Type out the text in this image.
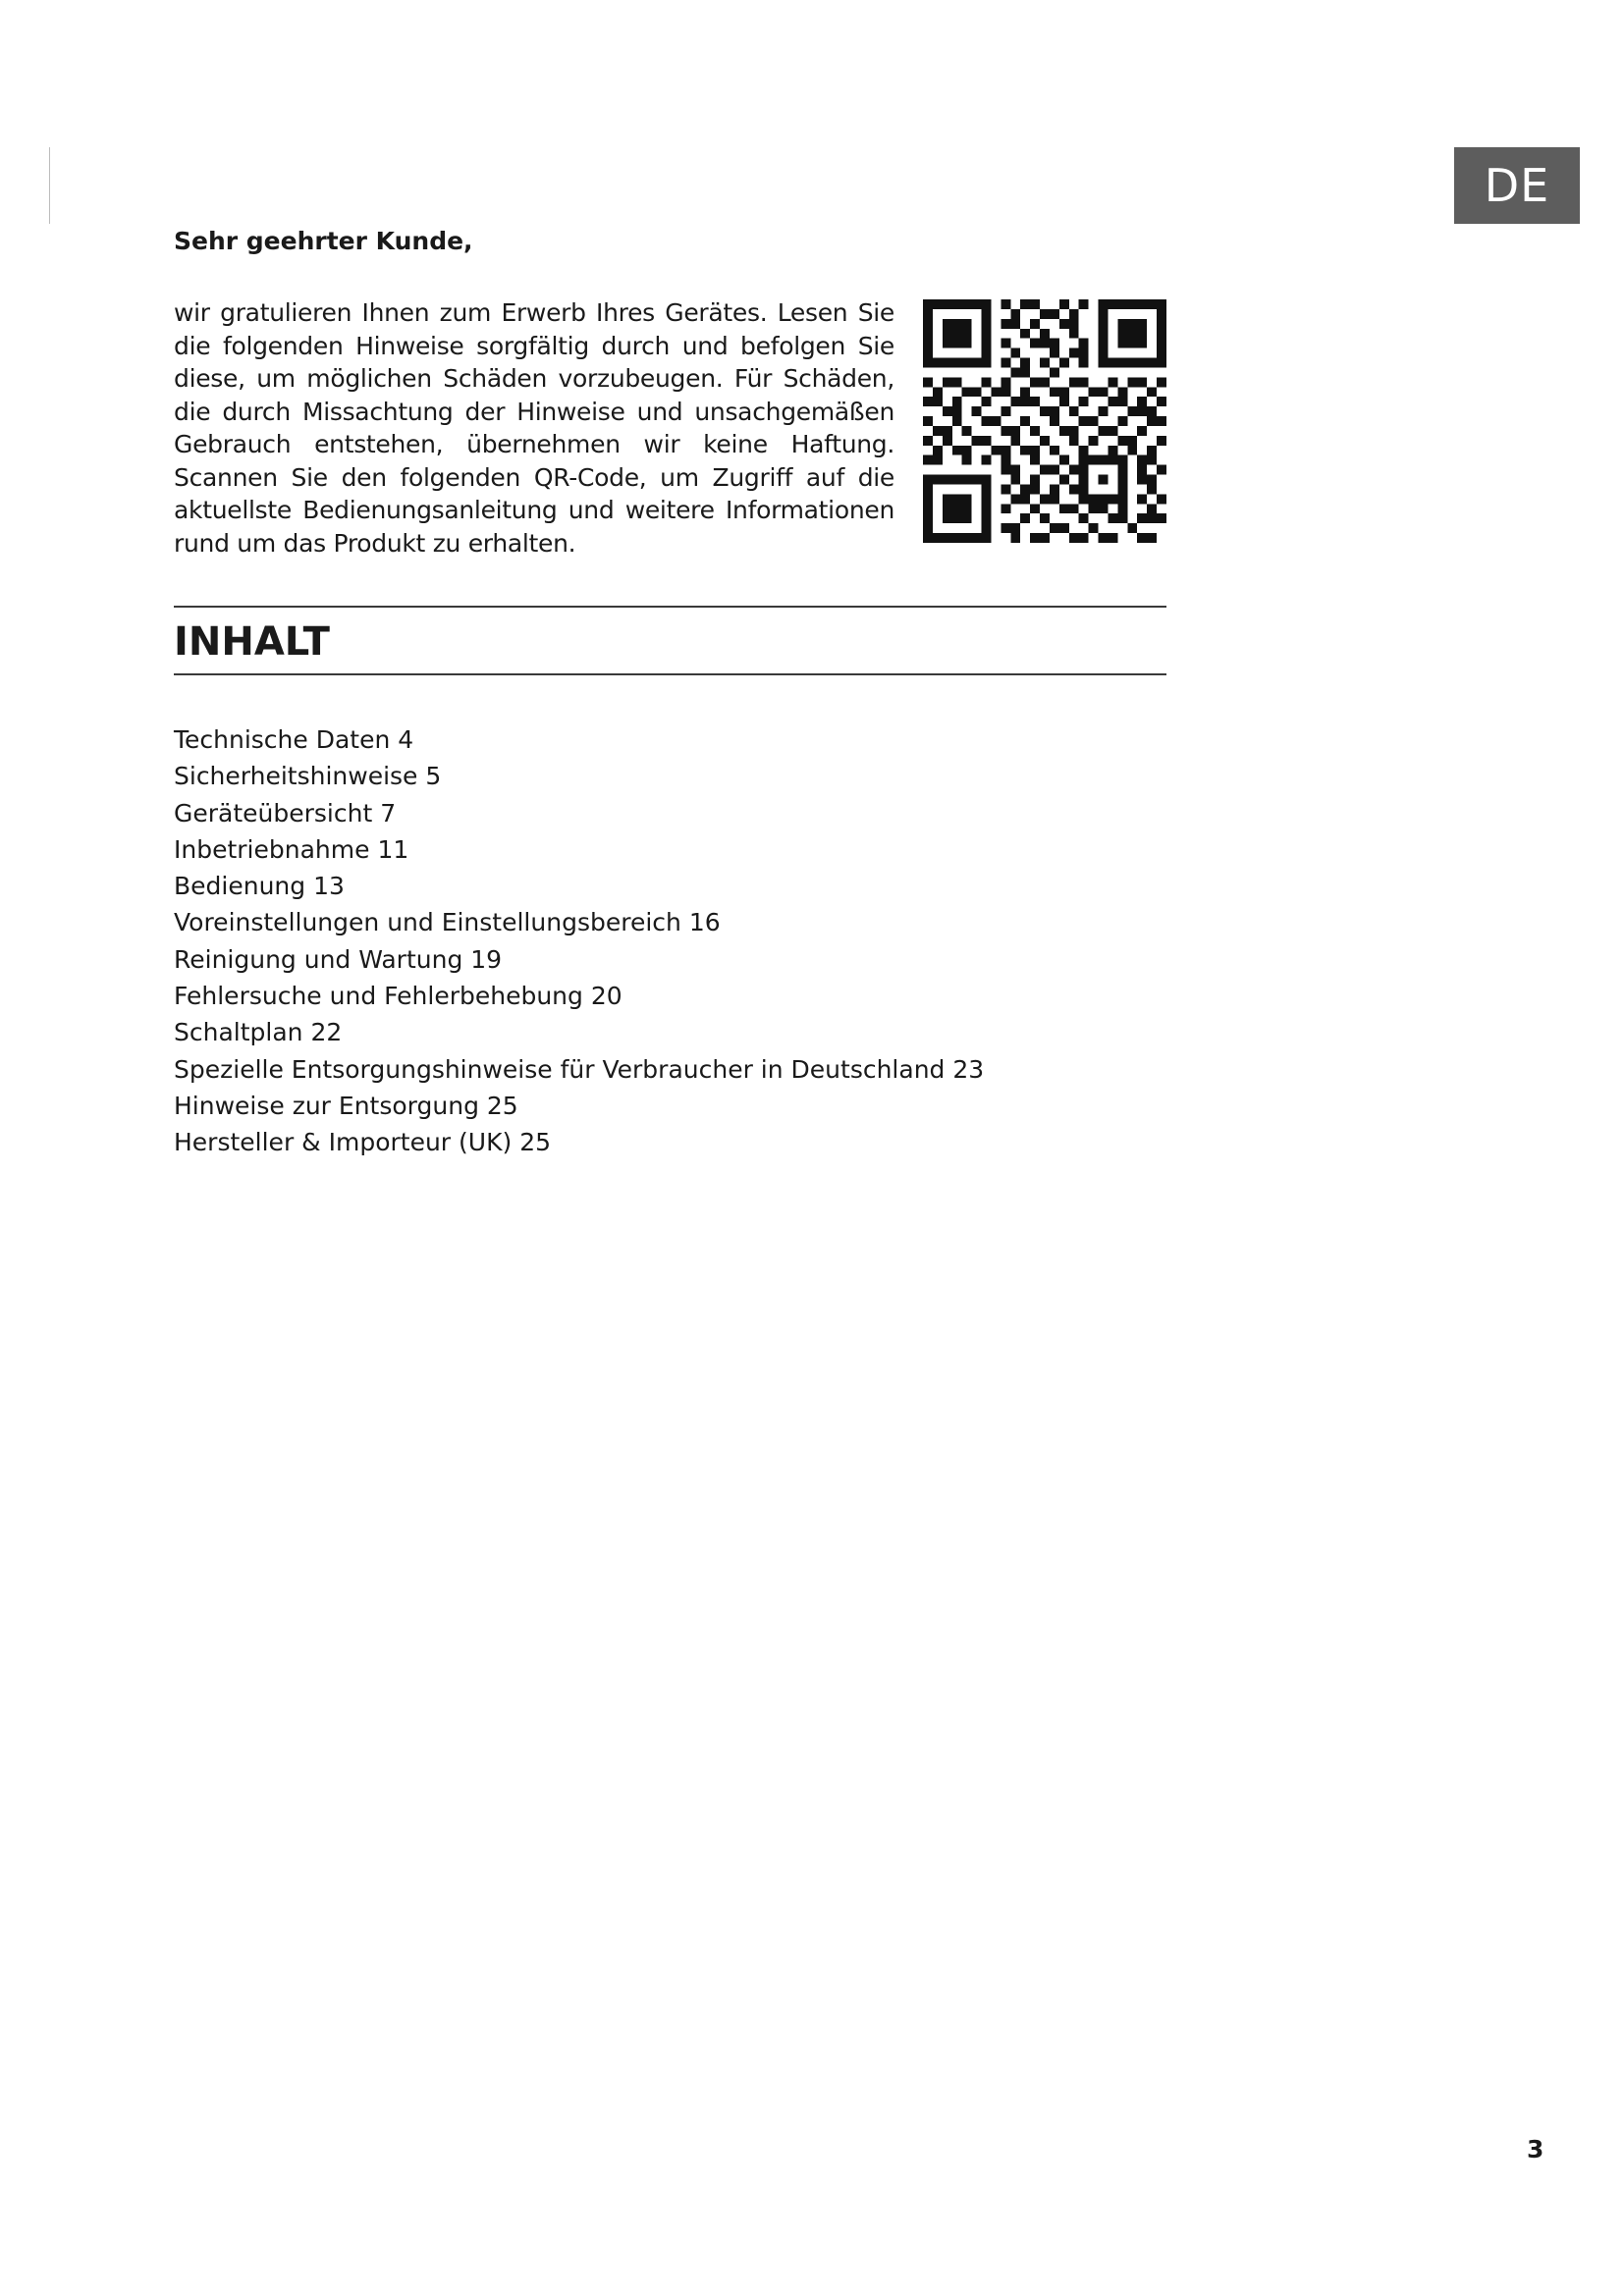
DE

Sehr geehrter Kunde,

wir gratulieren Ihnen zum Erwerb Ihres Gerätes. Lesen Sie die folgenden Hinweise sorgfältig durch und befolgen Sie diese, um möglichen Schäden vorzubeugen. Für Schäden, die durch Missachtung der Hinweise und unsachgemäßen Gebrauch entstehen, übernehmen wir keine Haftung. Scannen Sie den folgenden QR-Code, um Zugriff auf die aktuellste Bedienungsanleitung und weitere Informationen rund um das Produkt zu erhalten.

INHALT
Technische Daten 4
Sicherheitshinweise 5
Geräteübersicht 7
Inbetriebnahme 11
Bedienung 13
Voreinstellungen und Einstellungsbereich 16
Reinigung und Wartung 19
Fehlersuche und Fehlerbehebung 20
Schaltplan 22
Spezielle Entsorgungshinweise für Verbraucher in Deutschland 23
Hinweise zur Entsorgung 25
Hersteller & Importeur (UK) 25
3
